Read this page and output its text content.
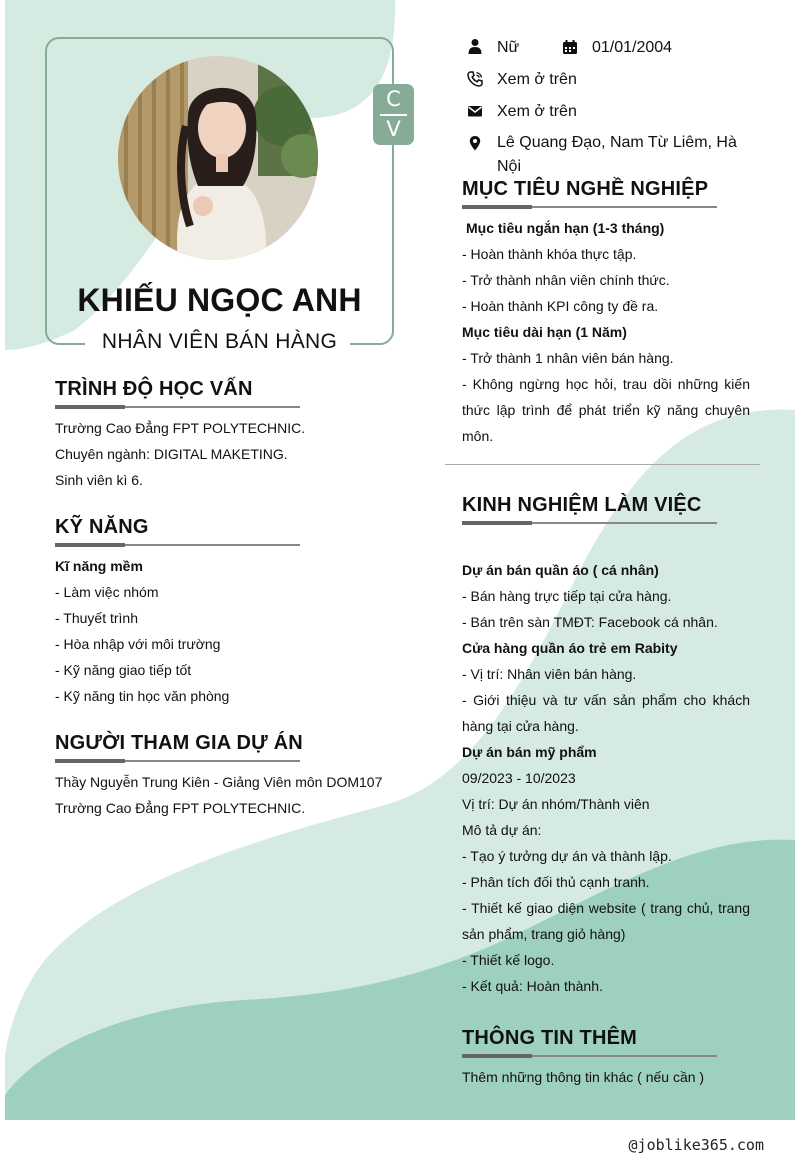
C
V
KHIẾU NGỌC ANH
NHÂN VIÊN BÁN HÀNG
Nữ	01/01/2004
Xem ở trên
Xem ở trên
Lê Quang Đạo, Nam Từ Liêm, Hà
Nội
TRÌNH ĐỘ HỌC VẤN
Trường Cao Đẳng FPT POLYTECHNIC.
Chuyên ngành: DIGITAL MAKETING.
Sinh viên kì 6.
KỸ NĂNG
Kĩ năng mềm
- Làm việc nhóm
- Thuyết trình
- Hòa nhập với môi trường
- Kỹ năng giao tiếp tốt
- Kỹ năng tin học văn phòng
NGƯỜI THAM GIA DỰ ÁN
Thầy Nguyễn Trung Kiên - Giảng Viên môn DOM107
Trường Cao Đẳng FPT POLYTECHNIC.
MỤC TIÊU NGHỀ NGHIỆP
Mục tiêu ngắn hạn (1-3 tháng)
- Hoàn thành khóa thực tập.
- Trở thành nhân viên chính thức.
- Hoàn thành KPI công ty đề ra.
Mục tiêu dài hạn (1 Năm)
- Trở thành 1 nhân viên bán hàng.
- Không ngừng học hỏi, trau dồi những kiến thức lập trình để phát triển kỹ năng chuyên môn.
KINH NGHIỆM LÀM VIỆC
Dự án bán quần áo ( cá nhân)
- Bán hàng trực tiếp tại cửa hàng.
- Bán trên sàn TMĐT: Facebook cá nhân.
Cửa hàng quần áo trẻ em Rabity
- Vị trí: Nhân viên bán hàng.
- Giới thiệu và tư vấn sản phẩm cho khách hàng tại cửa hàng.
Dự án bán mỹ phẩm
09/2023 - 10/2023
Vị trí: Dự án nhóm/Thành viên
Mô tả dự án:
- Tạo ý tưởng dự án và thành lập.
- Phân tích đối thủ cạnh tranh.
- Thiết kế giao diện website ( trang chủ, trang sản phẩm, trang giỏ hàng)
- Thiết kế logo.
- Kết quả: Hoàn thành.
THÔNG TIN THÊM
Thêm những thông tin khác ( nếu cần )
@joblike365.com
